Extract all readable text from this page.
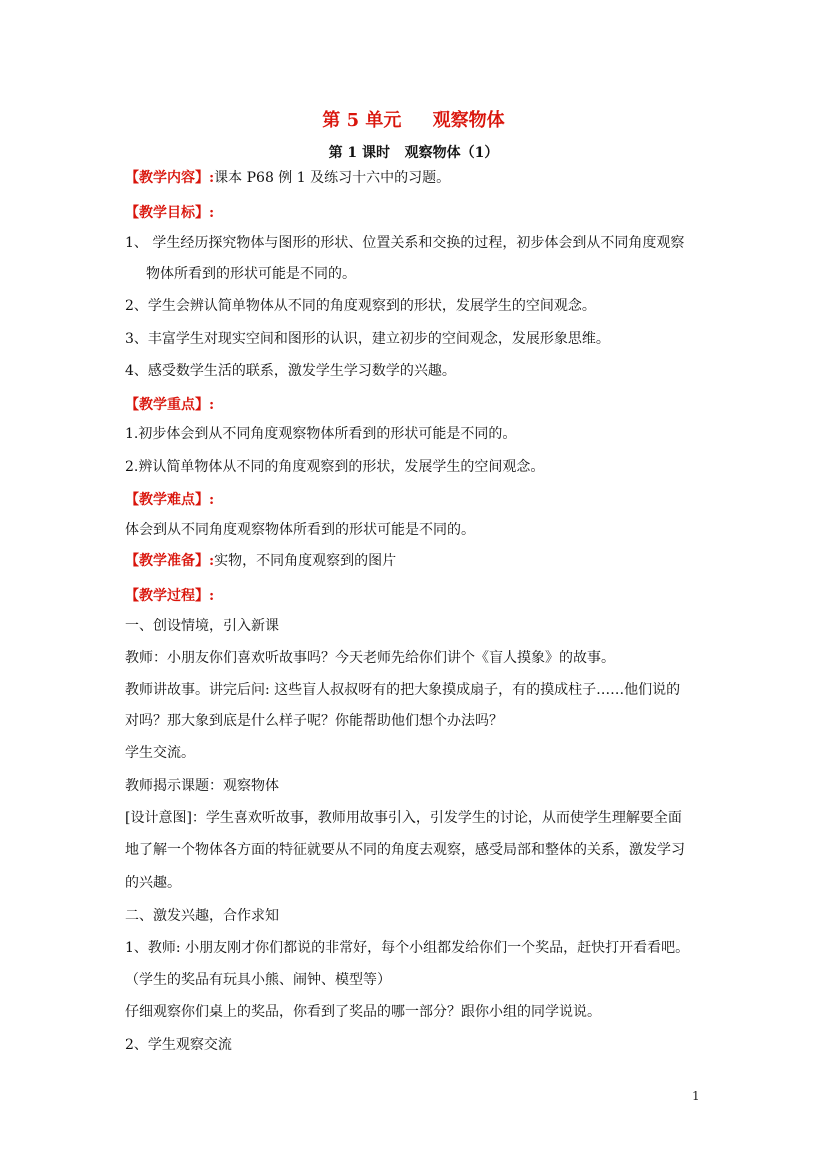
第 5 单元     观察物体
第 1 课时   观察物体（1）
【教学内容】:课本 P68 例 1 及练习十六中的习题。
【教学目标】:
1、 学生经历探究物体与图形的形状、位置关系和交换的过程，初步体会到从不同角度观察
物体所看到的形状可能是不同的。
2、学生会辨认简单物体从不同的角度观察到的形状，发展学生的空间观念。
3、丰富学生对现实空间和图形的认识，建立初步的空间观念，发展形象思维。
4、感受数学生活的联系，激发学生学习数学的兴趣。
【教学重点】:
1.初步体会到从不同角度观察物体所看到的形状可能是不同的。
2.辨认简单物体从不同的角度观察到的形状，发展学生的空间观念。
【教学难点】:
体会到从不同角度观察物体所看到的形状可能是不同的。
【教学准备】:实物，不同角度观察到的图片
【教学过程】:
一、创设情境，引入新课
教师：小朋友你们喜欢听故事吗？今天老师先给你们讲个《盲人摸象》的故事。
教师讲故事。讲完后问: 这些盲人叔叔呀有的把大象摸成扇子，有的摸成柱子……他们说的
对吗？那大象到底是什么样子呢？你能帮助他们想个办法吗？
学生交流。
教师揭示课题：观察物体
[设计意图]：学生喜欢听故事，教师用故事引入，引发学生的讨论，从而使学生理解要全面
地了解一个物体各方面的特征就要从不同的角度去观察，感受局部和整体的关系，激发学习
的兴趣。
二、激发兴趣，合作求知
1、教师: 小朋友刚才你们都说的非常好，每个小组都发给你们一个奖品，赶快打开看看吧。
（学生的奖品有玩具小熊、闹钟、模型等）
仔细观察你们桌上的奖品，你看到了奖品的哪一部分？跟你小组的同学说说。
2、学生观察交流
1
